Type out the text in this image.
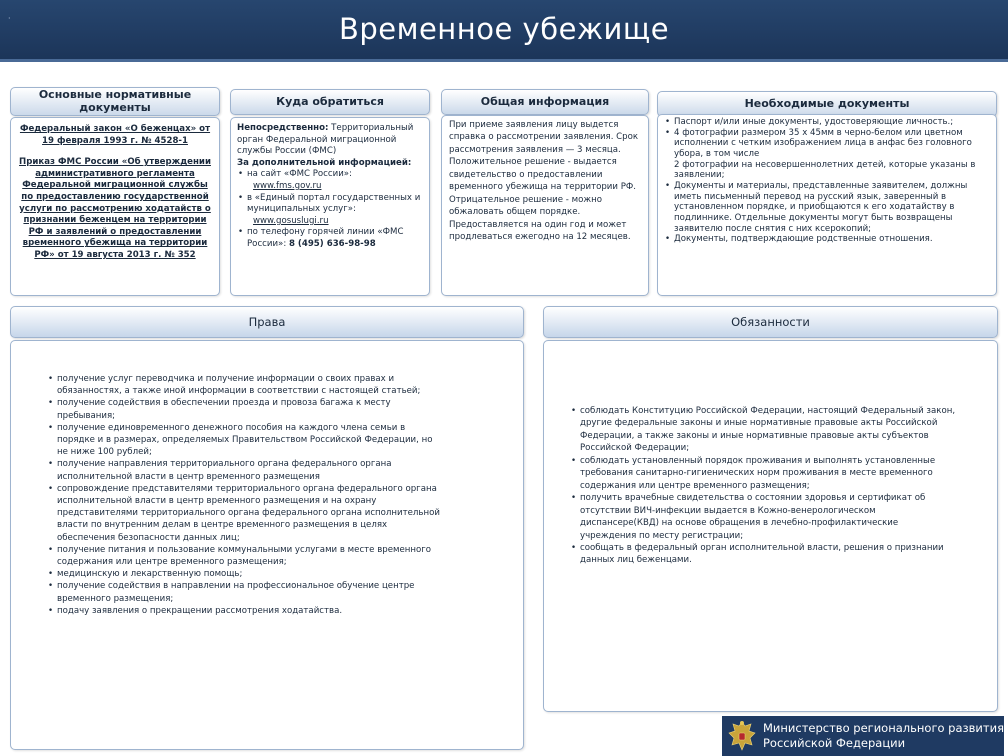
·	Временное убежище
Основные нормативные документы
Федеральный закон «О беженцах» от 19 февраля 1993 г. № 4528-1
Приказ ФМС России «Об утверждении административного регламента Федеральной миграционной службы по предоставлению государственной услуги по рассмотрению ходатайств о признании беженцем на территории РФ и заявлений о предоставлении временного убежища на территории РФ» от 19 августа 2013 г. № 352
Куда обратиться
Непосредственно: Территориальный орган Федеральной миграционной службы России (ФМС)
За дополнительной информацией:
• на сайт «ФМС России»:
www.fms.gov.ru
• в «Единый портал государственных и муниципальных услуг»:
www.gosuslugi.ru
• по телефону горячей линии «ФМС России»: 8 (495) 636-98-98
Общая информация
При приеме заявления лицу выдется справка о рассмотрении заявления. Срок рассмотрения заявления — 3 месяца. Положительное решение - выдается свидетельство о предоставлении временного убежища на территории РФ. Отрицательное решение - можно обжаловать общем порядке. Предоставляется на один год и может продлеваться ежегодно на 12 месяцев.
Необходимые документы
• Паспорт и/или иные документы, удостоверяющие личность.;
• 4 фотографии размером 35 х 45мм в черно-белом или цветном исполнении с четким изображением лица в анфас без головного убора, в том числе
2 фотографии на несовершеннолетних детей, которые указаны в заявлении;
• Документы и материалы, представленные заявителем, должны иметь письменный перевод на русский язык, заверенный в установленном порядке, и приобщаются к его ходатайству в подлиннике. Отдельные документы могут быть возвращены заявителю после снятия с них ксерокопий;
• Документы, подтверждающие родственные отношения.
Права
• получение услуг переводчика и получение информации о своих правах и обязанностях, а также иной информации в соответствии с настоящей статьей;
• получение содействия в обеспечении проезда и провоза багажа к месту пребывания;
• получение единовременного денежного пособия на каждого члена семьи в порядке и в размерах, определяемых Правительством Российской Федерации, но не ниже 100 рублей;
• получение направления территориального органа федерального органа исполнительной власти в центр временного размещения
• сопровождение представителями территориального органа федерального органа исполнительной власти в центр временного размещения и на охрану представителями территориального органа федерального органа исполнительной власти по внутренним делам в центре временного размещения в целях обеспечения безопасности данных лиц;
• получение питания и пользование коммунальными услугами в месте временного содержания или центре временного размещения;
• медицинскую и лекарственную помощь;
• получение содействия в направлении на профессиональное обучение центре временного размещения;
• подачу заявления о прекращении рассмотрения ходатайства.
Обязанности
• соблюдать Конституцию Российской Федерации, настоящий Федеральный закон, другие федеральные законы и иные нормативные правовые акты Российской Федерации, а также законы и иные нормативные правовые акты субъектов Российской Федерации;
• соблюдать установленный порядок проживания и выполнять установленные требования санитарно-гигиенических норм проживания в месте временного содержания или центре временного размещения;
• получить врачебные свидетельства о состоянии здоровья и сертификат об отсутствии ВИЧ-инфекции выдается в Кожно-венерологическом диспансере(КВД) на основе обращения в лечебно-профилактические учреждения по месту регистрации;
• сообщать в федеральный орган исполнительной власти, решения о признании данных лиц беженцами.
Министерство регионального развития
Российской Федерации
